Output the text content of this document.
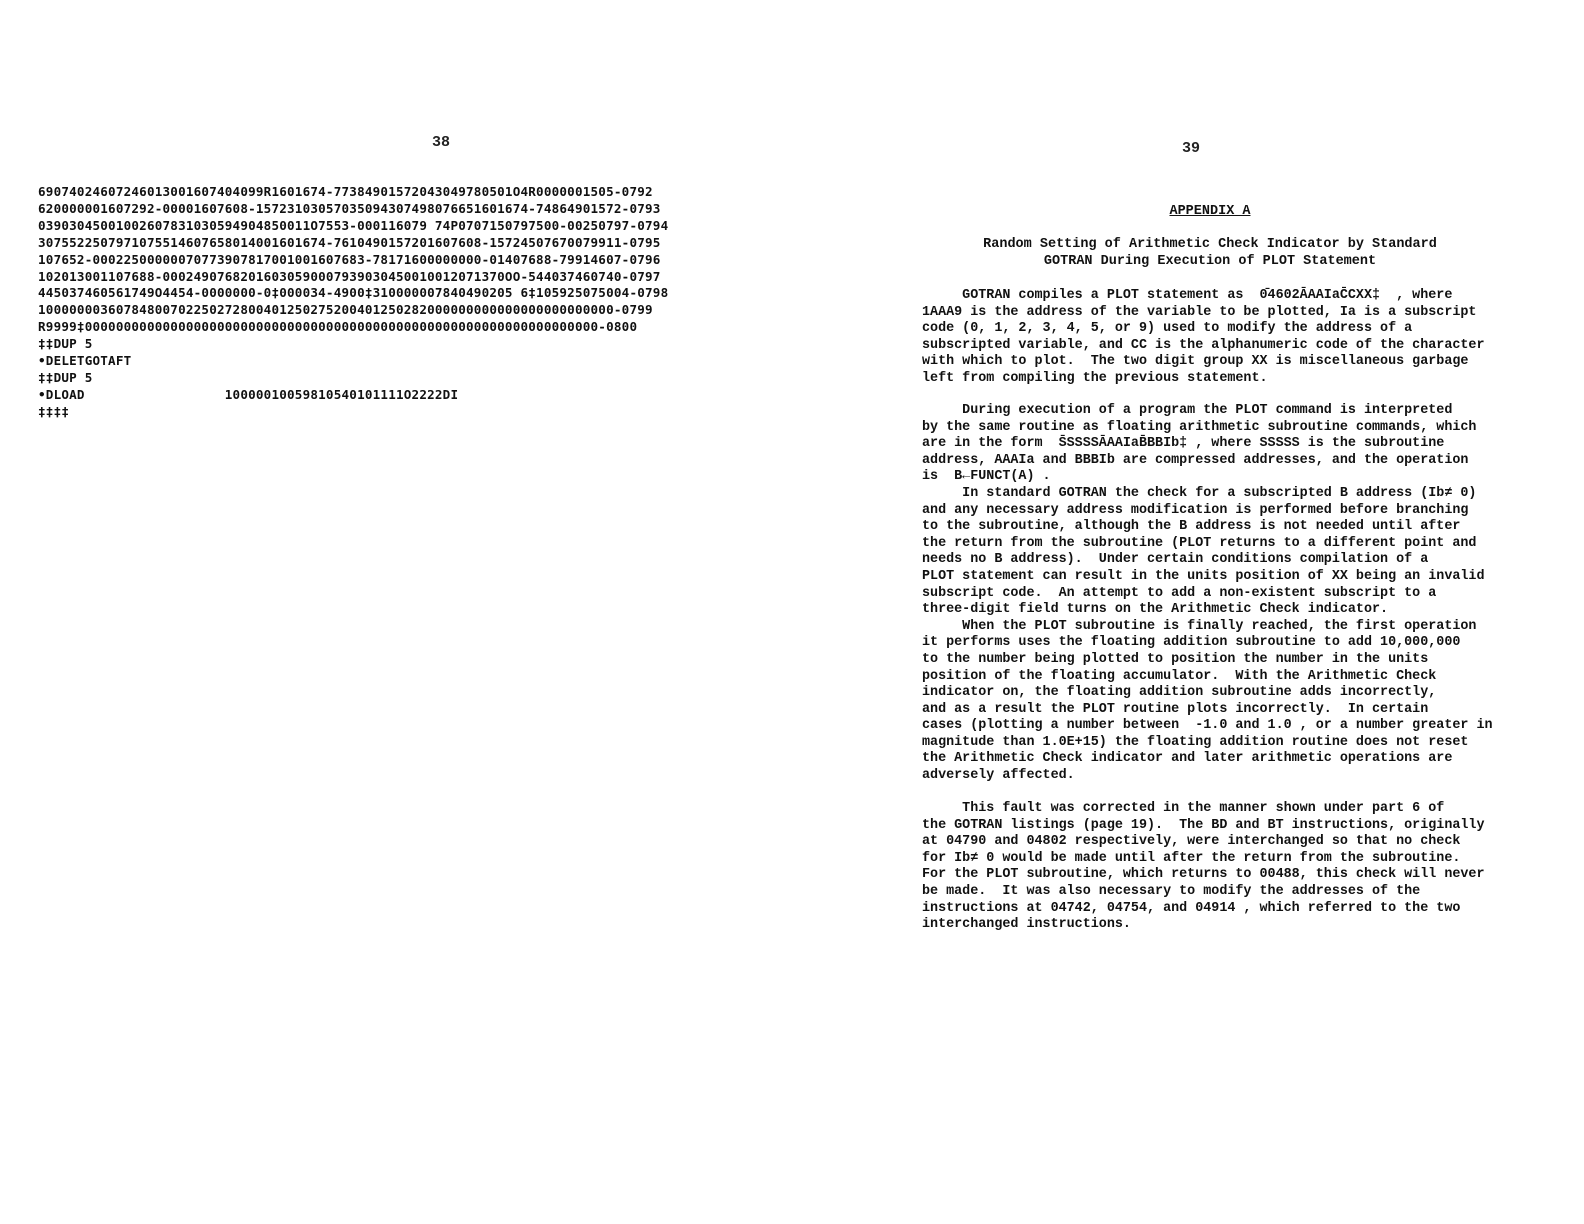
38
69074024607246013001607404099R1601674-77384901572043049780501O4R0000001505-0792
620000001607292-00001607608-15723103057035094307498076651601674-74864901572-0793
03903045001002607831030594904850011O7553-000116079 74P0707150797500-00250797-0794
3075522507971075514607658014001601674-7610490157201607608-15724507670079911-0795
107652-00022500000070773907817001001607683-78171600000000-01407688-79914607-0796
102013001107688-00024907682016030590007939030450010012071370OO-544037460740-0797
445037460561749O4454-0000000-0‡000034-4900‡310000007840490205 6‡105925075004-0798
10000000360784800702250272800401250275200401250282000000000000000000000000-0799
R9999‡000000000000000000000000000000000000000000000000000000000000000000-0800
‡‡DUP 5
•DELETGOTAFT
‡‡DUP 5
•DLOAD                  10000010059810540101111O2222DI
‡‡‡‡
39
APPENDIX A
Random Setting of Arithmetic Check Indicator by Standard
GOTRAN During Execution of PLOT Statement

GOTRAN compiles a PLOT statement as  0̄4602ĀAAIaC̄CXX‡  , where
1AAA9 is the address of the variable to be plotted, Ia is a subscript
code (0, 1, 2, 3, 4, 5, or 9) used to modify the address of a
subscripted variable, and CC is the alphanumeric code of the character
with which to plot.  The two digit group XX is miscellaneous garbage
left from compiling the previous statement.

During execution of a program the PLOT command is interpreted
by the same routine as floating arithmetic subroutine commands, which
are in the form  S̄SSSSĀAAIaB̄BBIb‡ , where SSSSS is the subroutine
address, AAAIa and BBBIb are compressed addresses, and the operation
is  B←FUNCT(A) .
In standard GOTRAN the check for a subscripted B address (Ib≠ 0)
and any necessary address modification is performed before branching
to the subroutine, although the B address is not needed until after
the return from the subroutine (PLOT returns to a different point and
needs no B address).  Under certain conditions compilation of a
PLOT statement can result in the units position of XX being an invalid
subscript code.  An attempt to add a non-existent subscript to a
three-digit field turns on the Arithmetic Check indicator.
When the PLOT subroutine is finally reached, the first operation
it performs uses the floating addition subroutine to add 10,000,000
to the number being plotted to position the number in the units
position of the floating accumulator.  With the Arithmetic Check
indicator on, the floating addition subroutine adds incorrectly,
and as a result the PLOT routine plots incorrectly.  In certain
cases (plotting a number between  -1.0 and 1.0 , or a number greater in
magnitude than 1.0E+15) the floating addition routine does not reset
the Arithmetic Check indicator and later arithmetic operations are
adversely affected.

This fault was corrected in the manner shown under part 6 of
the GOTRAN listings (page 19).  The BD and BT instructions, originally
at 04790 and 04802 respectively, were interchanged so that no check
for Ib≠ 0 would be made until after the return from the subroutine.
For the PLOT subroutine, which returns to 00488, this check will never
be made.  It was also necessary to modify the addresses of the
instructions at 04742, 04754, and 04914 , which referred to the two
interchanged instructions.
